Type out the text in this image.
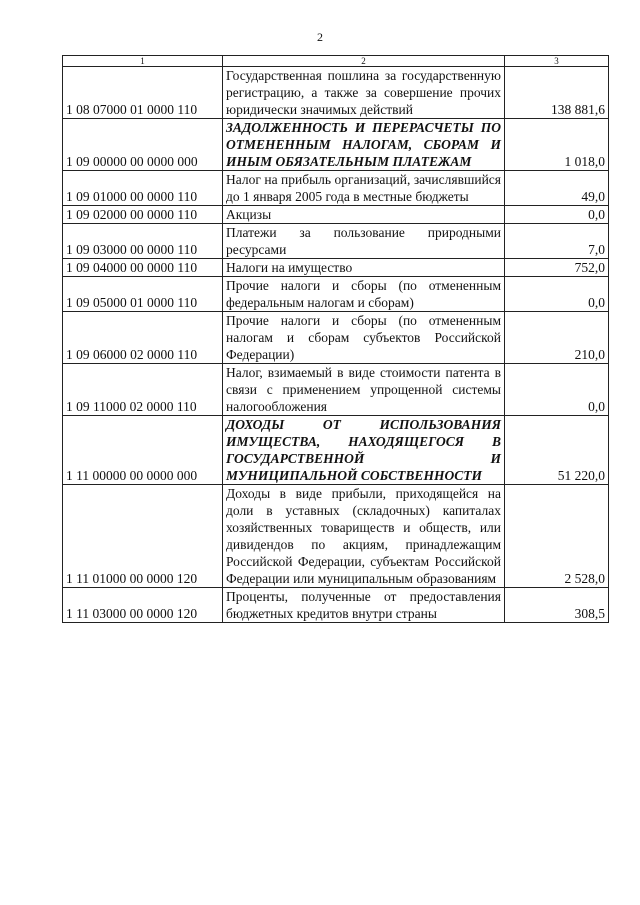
2
1	2	3
1 08 07000 01 0000 110	Государственная пошлина за государственную регистрацию, а также за совершение прочих юридически значимых действий	138 881,6
1 09 00000 00 0000 000	ЗАДОЛЖЕННОСТЬ И ПЕРЕРАСЧЕТЫ ПО ОТМЕНЕННЫМ НАЛОГАМ, СБОРАМ И ИНЫМ ОБЯЗАТЕЛЬНЫМ ПЛАТЕЖАМ	1 018,0
1 09 01000 00 0000 110	Налог на прибыль организаций, зачислявшийся до 1 января 2005 года в местные бюджеты	49,0
1 09 02000 00 0000 110	Акцизы	0,0
1 09 03000 00 0000 110	Платежи за пользование природными ресурсами	7,0
1 09 04000 00 0000 110	Налоги на имущество	752,0
1 09 05000 01 0000 110	Прочие налоги и сборы (по отмененным федеральным налогам и сборам)	0,0
1 09 06000 02 0000 110	Прочие налоги и сборы (по отмененным налогам и сборам субъектов Российской Федерации)	210,0
1 09 11000 02 0000 110	Налог, взимаемый в виде стоимости патента в связи с применением упрощенной системы налогообложения	0,0
1 11 00000 00 0000 000	ДОХОДЫ ОТ ИСПОЛЬЗОВАНИЯ ИМУЩЕСТВА, НАХОДЯЩЕГОСЯ В ГОСУДАРСТВЕННОЙ И МУНИЦИПАЛЬНОЙ СОБСТВЕННОСТИ	51 220,0
1 11 01000 00 0000 120	Доходы в виде прибыли, приходящейся на доли в уставных (складочных) капиталах хозяйственных товариществ и обществ, или дивидендов по акциям, принадлежащим Российской Федерации, субъектам Российской Федерации или муниципальным образованиям	2 528,0
1 11 03000 00 0000 120	Проценты, полученные от предоставления бюджетных кредитов внутри страны	308,5
